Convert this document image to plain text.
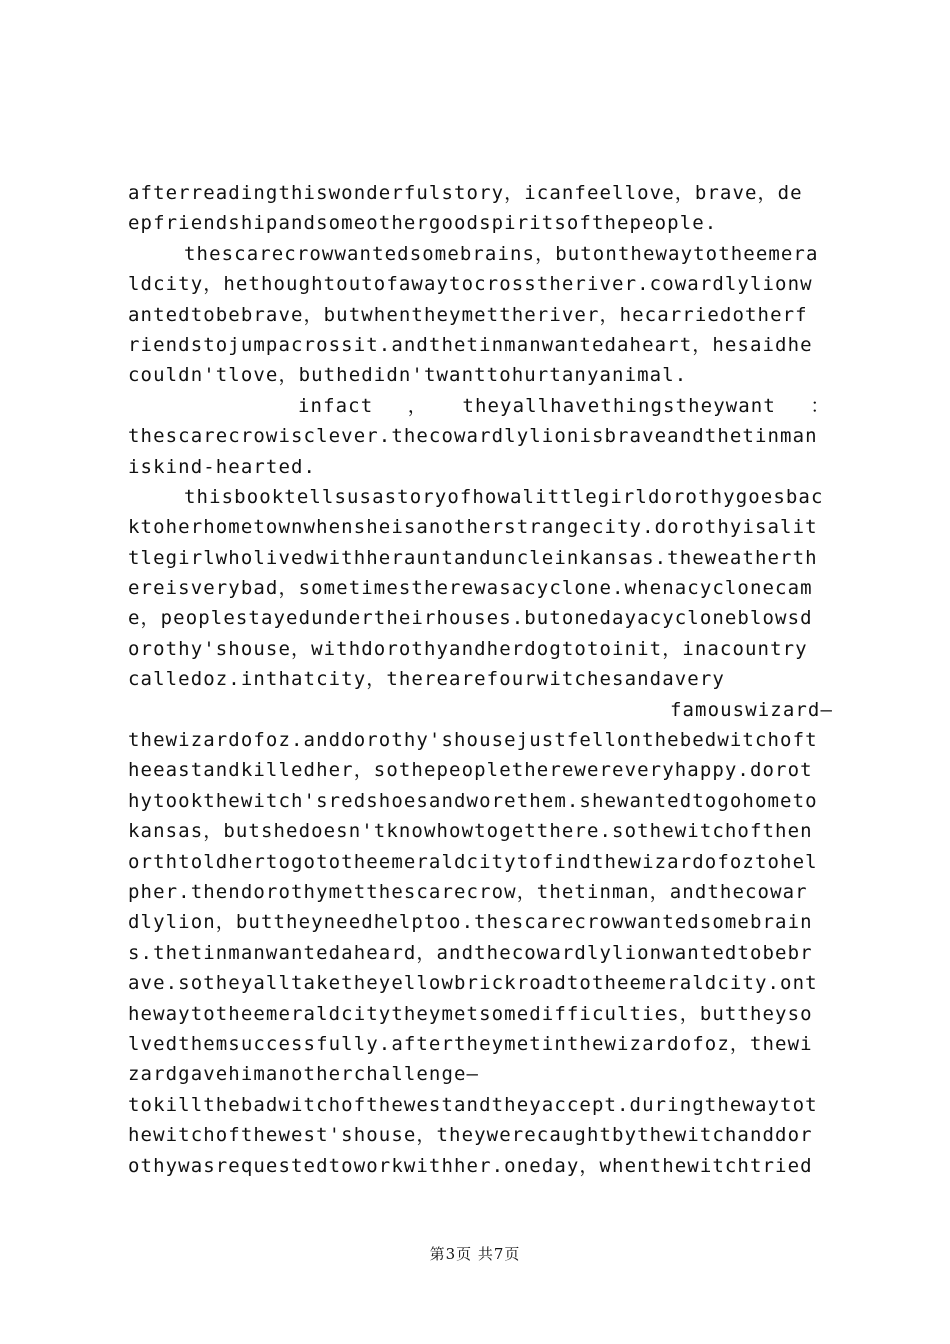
afterreadingthiswonderfulstory，icanfeellove，brave，de
epfriendshipandsomeothergoodspiritsofthepeople.
thescarecrowwantedsomebrains，butonthewaytotheemera
ldcity，hethoughtoutofawaytocrosstheriver.cowardlylionw
antedtobebrave，butwhentheymettheriver，hecarriedotherf
riendstojumpacrossit.andthetinmanwantedaheart，hesaidhe
couldn'tlove，buthedidn'twanttohurtanyanimal.
infact ， theyallhavethingstheywant ：
thescarecrowisclever.thecowardlylionisbraveandthetinman
iskind-hearted.
thisbooktellsusastoryofhowalittlegirldorothygoesbac
ktoherhometownwhensheisanotherstrangecity.dorothyisalit
tlegirlwholivedwithherauntanduncleinkansas.theweatherth
ereisverybad，sometimestherewasacyclone.whenacyclonecam
e，peoplestayedundertheirhouses.butonedayacycloneblowsd
orothy'shouse，withdorothyandherdogtotoinit，inacountry
calledoz.inthatcity，therearefourwitchesandavery
famouswizard—
thewizardofoz.anddorothy'shousejustfellonthebedwitchoft
heeastandkilledher，sothepeopletherewereveryhappy.dorot
hytookthewitch'sredshoesandworethem.shewantedtogohometo
kansas，butshedoesn'tknowhowtogetthere.sothewitchofthen
orthtoldhertogototheemeraldcitytofindthewizardofoztohel
pher.thendorothymetthescarecrow，thetinman，andthecowar
dlylion，buttheyneedhelptoo.thescarecrowwantedsomebrain
s.thetinmanwantedaheard，andthecowardlylionwantedtobebr
ave.sotheyalltaketheyellowbrickroadtotheemeraldcity.ont
hewaytotheemeraldcitytheymetsomedifficulties，buttheyso
lvedthemsuccessfully.aftertheymetinthewizardofoz，thewi
zardgavehimanotherchallenge—
tokillthebadwitchofthewestandtheyaccept.duringthewaytot
hewitchofthewest'shouse，theywerecaughtbythewitchanddor
othywasrequestedtoworkwithher.oneday，whenthewitchtried
第3页 共7页
